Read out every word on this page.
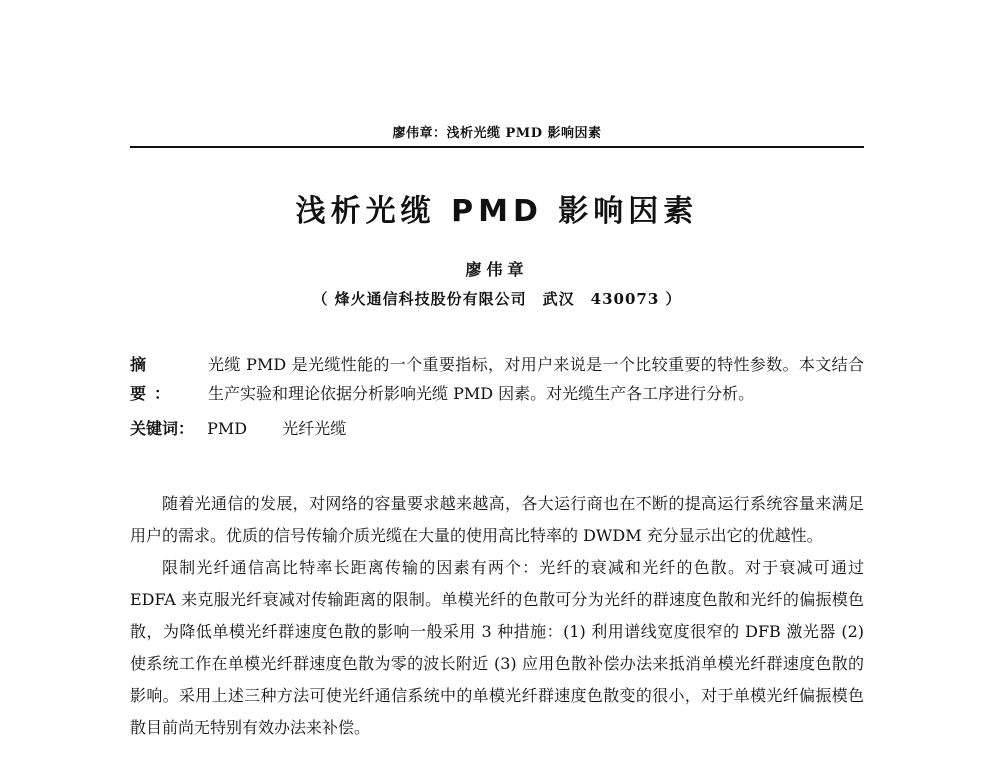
廖伟章：浅析光缆 PMD 影响因素
浅析光缆 PMD 影响因素
廖伟章
（ 烽火通信科技股份有限公司　武汉　430073 ）
摘　要：
光缆 PMD 是光缆性能的一个重要指标，对用户来说是一个比较重要的特性参数。本文结合生产实验和理论依据分析影响光缆 PMD 因素。对光缆生产各工序进行分析。
关键词： PMD 光纤光缆

随着光通信的发展，对网络的容量要求越来越高，各大运行商也在不断的提高运行系统容量来满足用户的需求。优质的信号传输介质光缆在大量的使用高比特率的 DWDM 充分显示出它的优越性。

限制光纤通信高比特率长距离传输的因素有两个：光纤的衰减和光纤的色散。对于衰减可通过 EDFA 来克服光纤衰减对传输距离的限制。单模光纤的色散可分为光纤的群速度色散和光纤的偏振模色散，为降低单模光纤群速度色散的影响一般采用 3 种措施：(1) 利用谱线宽度很窄的 DFB 激光器 (2) 使系统工作在单模光纤群速度色散为零的波长附近 (3) 应用色散补偿办法来抵消单模光纤群速度色散的影响。采用上述三种方法可使光纤通信系统中的单模光纤群速度色散变的很小，对于单模光纤偏振模色散目前尚无特别有效办法来补偿。
